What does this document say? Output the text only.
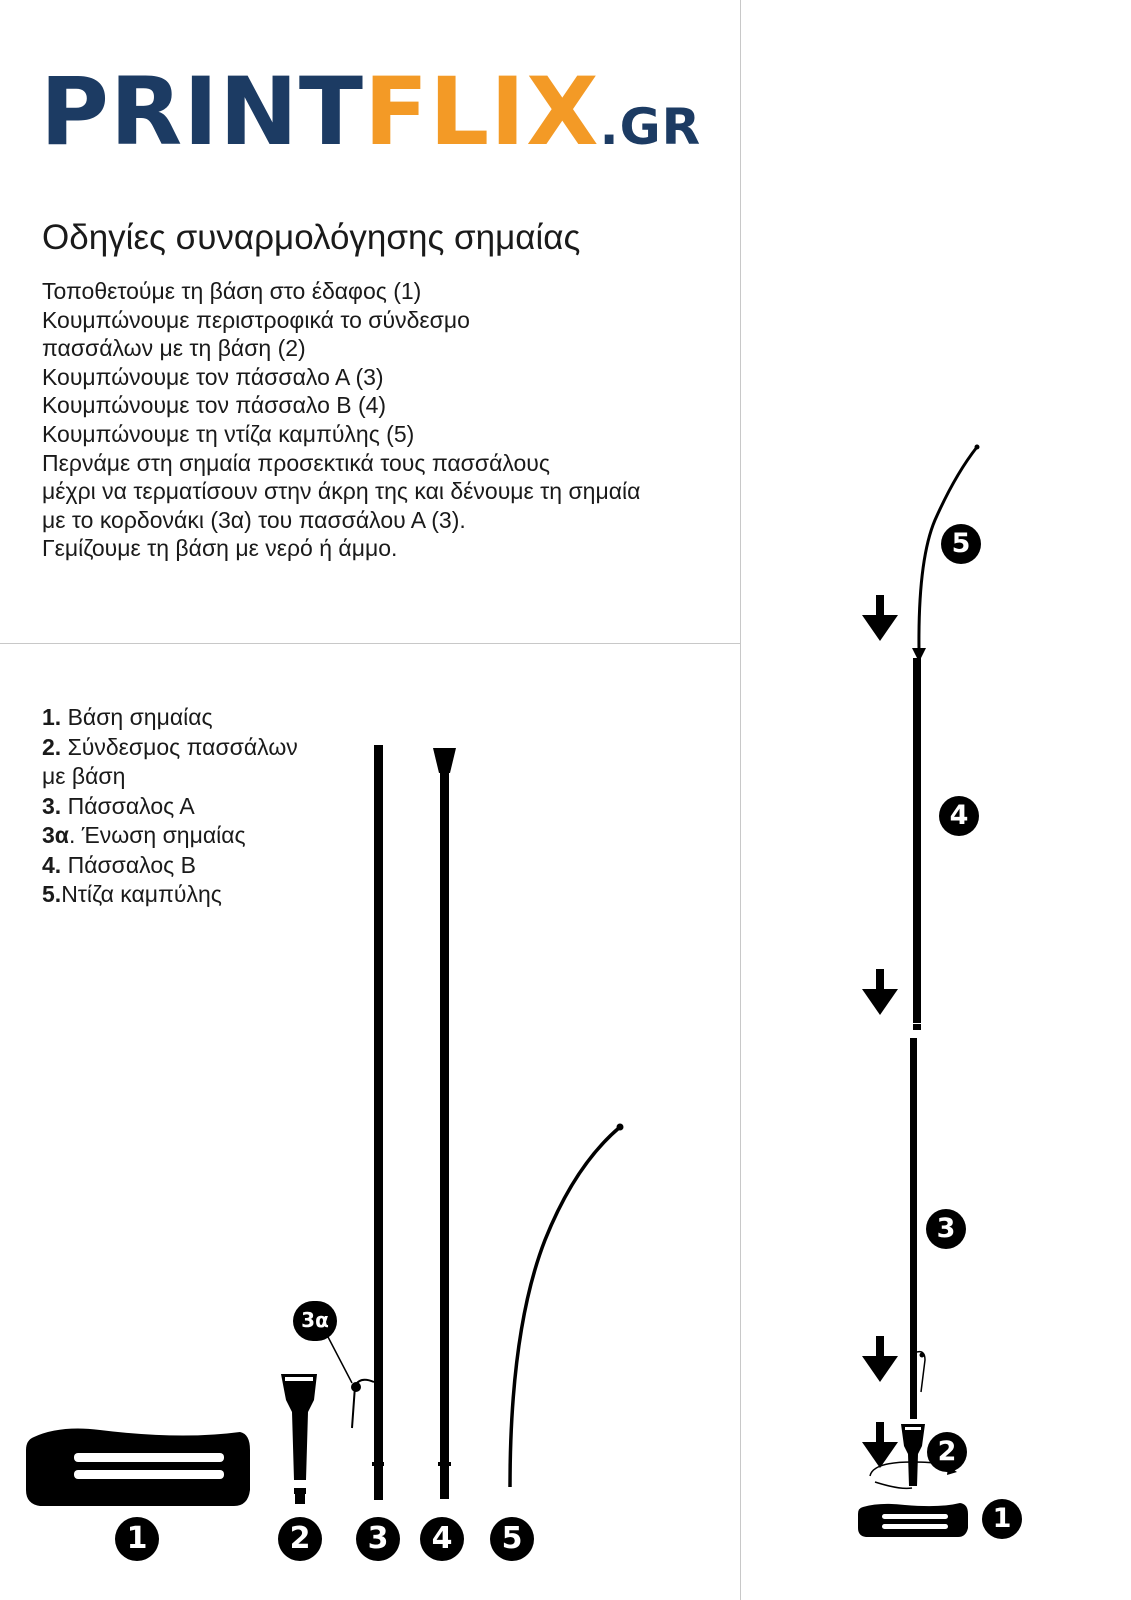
PRINTFLIX.GR
Οδηγίες συναρμολόγησης σημαίας
Τοποθετούμε τη βάση στο έδαφος (1)
Κουμπώνουμε περιστροφικά το σύνδεσμο
πασσάλων με τη βάση (2)
Κουμπώνουμε τον πάσσαλο Α (3)
Κουμπώνουμε τον πάσσαλο Β (4)
Κουμπώνουμε τη ντίζα καμπύλης (5)
Περνάμε στη σημαία προσεκτικά τους πασσάλους
μέχρι να τερματίσουν στην άκρη της και δένουμε τη σημαία
με το κορδονάκι (3α) του πασσάλου Α (3).
Γεμίζουμε τη βάση με νερό ή άμμο.
1. Βάση σημαίας
2. Σύνδεσμος πασσάλων
με βάση
3. Πάσσαλος Α
3α. Ένωση σημαίας
4. Πάσσαλος Β
5.Ντίζα καμπύλης
1	2	3	4	5
3α
5
4
3
2
1
